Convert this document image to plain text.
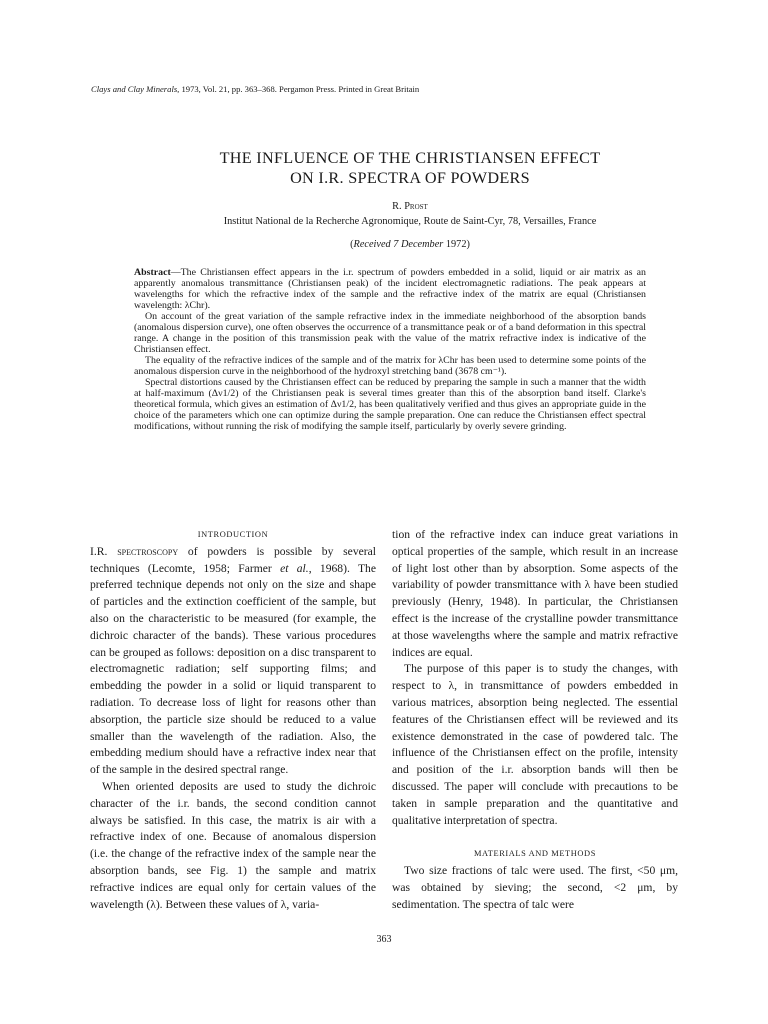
Clays and Clay Minerals, 1973, Vol. 21, pp. 363–368. Pergamon Press. Printed in Great Britain
THE INFLUENCE OF THE CHRISTIANSEN EFFECT
ON I.R. SPECTRA OF POWDERS
R. Prost
Institut National de la Recherche Agronomique, Route de Saint-Cyr, 78, Versailles, France
(Received 7 December 1972)

Abstract—The Christiansen effect appears in the i.r. spectrum of powders embedded in a solid, liquid or air matrix as an apparently anomalous transmittance (Christiansen peak) of the incident electromagnetic radiations. The peak appears at wavelengths for which the refractive index of the sample and the refractive index of the matrix are equal (Christiansen wavelength: λChr).

On account of the great variation of the sample refractive index in the immediate neighborhood of the absorption bands (anomalous dispersion curve), one often observes the occurrence of a transmittance peak or of a band deformation in this spectral range. A change in the position of this transmission peak with the value of the matrix refractive index is indicative of the Christiansen effect.

The equality of the refractive indices of the sample and of the matrix for λChr has been used to determine some points of the anomalous dispersion curve in the neighborhood of the hydroxyl stretching band (3678 cm⁻¹).

Spectral distortions caused by the Christiansen effect can be reduced by preparing the sample in such a manner that the width at half-maximum (Δν1/2) of the Christiansen peak is several times greater than this of the absorption band itself. Clarke's theoretical formula, which gives an estimation of Δν1/2, has been qualitatively verified and thus gives an appropriate guide in the choice of the parameters which one can optimize during the sample preparation. One can reduce the Christiansen effect spectral modifications, without running the risk of modifying the sample itself, particularly by overly severe grinding.

INTRODUCTION

I.R. spectroscopy of powders is possible by several techniques (Lecomte, 1958; Farmer et al., 1968). The preferred technique depends not only on the size and shape of particles and the extinction coefficient of the sample, but also on the characteristic to be measured (for example, the dichroic character of the bands). These various procedures can be grouped as follows: deposition on a disc transparent to electromagnetic radiation; self supporting films; and embedding the powder in a solid or liquid transparent to radiation. To decrease loss of light for reasons other than absorption, the particle size should be reduced to a value smaller than the wavelength of the radiation. Also, the embedding medium should have a refractive index near that of the sample in the desired spectral range.

When oriented deposits are used to study the dichroic character of the i.r. bands, the second condition cannot always be satisfied. In this case, the matrix is air with a refractive index of one. Because of anomalous dispersion (i.e. the change of the refractive index of the sample near the absorption bands, see Fig. 1) the sample and matrix refractive indices are equal only for certain values of the wavelength (λ). Between these values of λ, varia-

tion of the refractive index can induce great variations in optical properties of the sample, which result in an increase of light lost other than by absorption. Some aspects of the variability of powder transmittance with λ have been studied previously (Henry, 1948). In particular, the Christiansen effect is the increase of the crystalline powder transmittance at those wavelengths where the sample and matrix refractive indices are equal.

The purpose of this paper is to study the changes, with respect to λ, in transmittance of powders embedded in various matrices, absorption being neglected. The essential features of the Christiansen effect will be reviewed and its existence demonstrated in the case of powdered talc. The influence of the Christiansen effect on the profile, intensity and position of the i.r. absorption bands will then be discussed. The paper will conclude with precautions to be taken in sample preparation and the quantitative and qualitative interpretation of spectra.

MATERIALS AND METHODS

Two size fractions of talc were used. The first, <50 μm, was obtained by sieving; the second, <2 μm, by sedimentation. The spectra of talc were

363
